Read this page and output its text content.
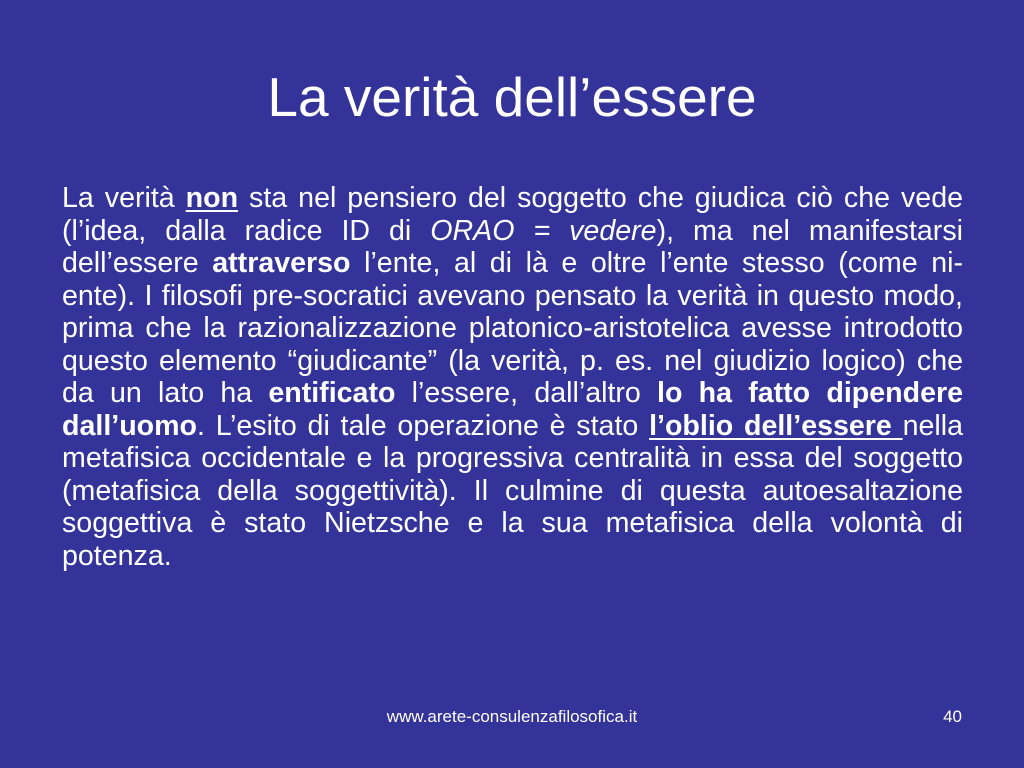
La verità dell’essere

La verità non sta nel pensiero del soggetto che giudica ciò che vede (l’idea, dalla radice ID di ORAO = vedere), ma nel manifestarsi dell’essere attraverso l’ente, al di là e oltre l’ente stesso (come ni-ente). I filosofi pre-socratici avevano pensato la verità in questo modo, prima che la razionalizzazione platonico-aristotelica avesse introdotto questo elemento “giudicante” (la verità, p. es. nel giudizio logico) che da un lato ha entificato l’essere, dall’altro lo ha fatto dipendere dall’uomo. L’esito di tale operazione è stato l’oblio dell’essere nella metafisica occidentale e la progressiva centralità in essa del soggetto (metafisica della soggettività). Il culmine di questa autoesaltazione soggettiva è stato Nietzsche e la sua metafisica della volontà di potenza.

www.arete-consulenzafilosofica.it	40
